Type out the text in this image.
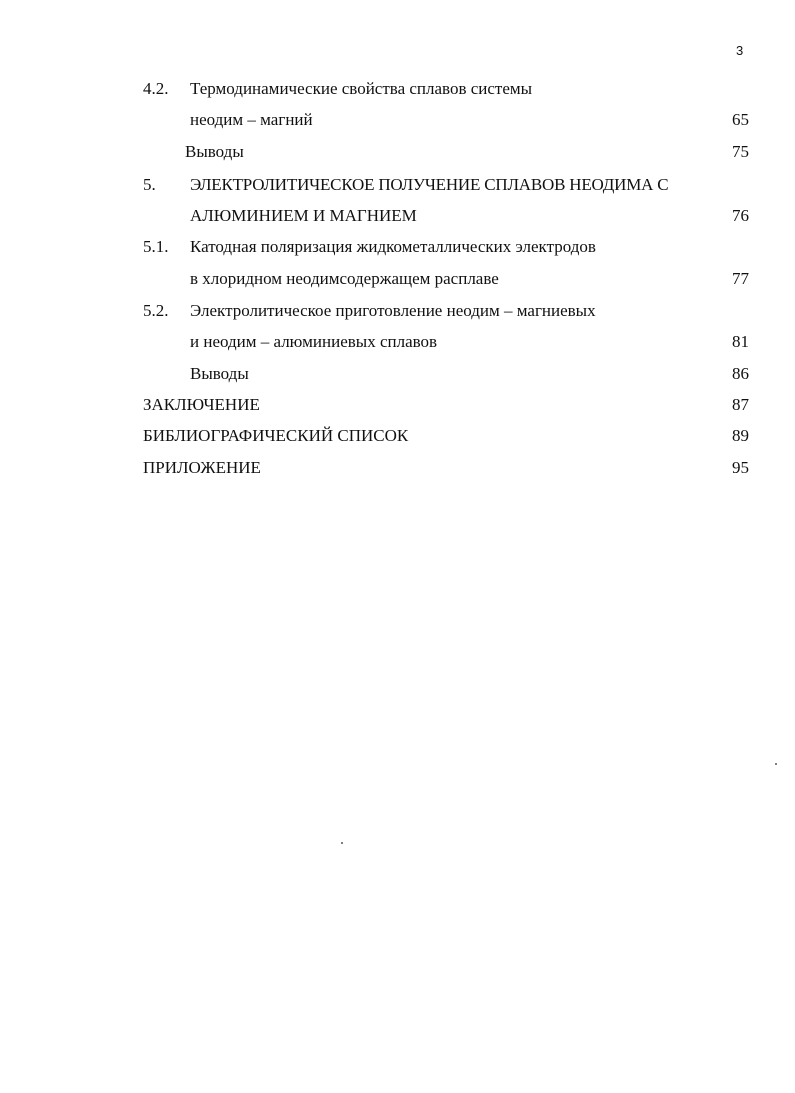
3
4.2. Термодинамические свойства сплавов системы
неодим – магний	65
Выводы	75
5. ЭЛЕКТРОЛИТИЧЕСКОЕ ПОЛУЧЕНИЕ СПЛАВОВ НЕОДИМА С
АЛЮМИНИЕМ И МАГНИЕМ	76
5.1. Катодная поляризация жидкометаллических электродов
в хлоридном неодимсодержащем расплаве	77
5.2. Электролитическое приготовление неодим – магниевых
и неодим – алюминиевых сплавов	81
Выводы	86
ЗАКЛЮЧЕНИЕ	87
БИБЛИОГРАФИЧЕСКИЙ СПИСОК	89
ПРИЛОЖЕНИЕ	95
